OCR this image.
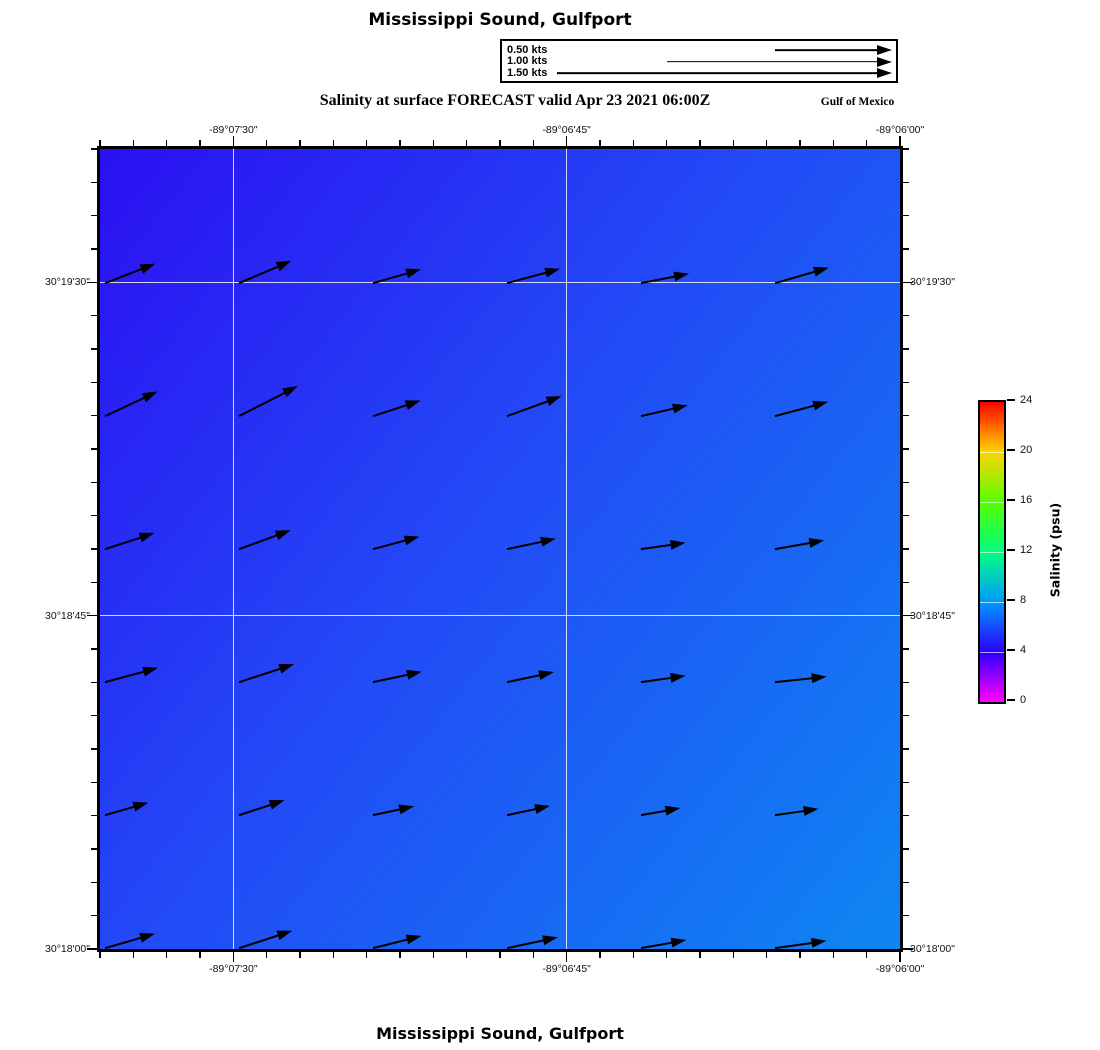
Mississippi Sound, Gulfport
0.50 kts
1.00 kts
1.50 kts
Salinity at surface FORECAST valid Apr 23 2021 06:00Z	Gulf of Mexico
Salinity (psu)
Mississippi Sound, Gulfport
-89°07'30"
-89°07'30"
-89°06'45"
-89°06'45"
-89°06'00"
-89°06'00"
30°19'30"	30°19'30"
30°18'45"	30°18'45"
30°18'00"	30°18'00"
0
4
8
12
16
20
24
